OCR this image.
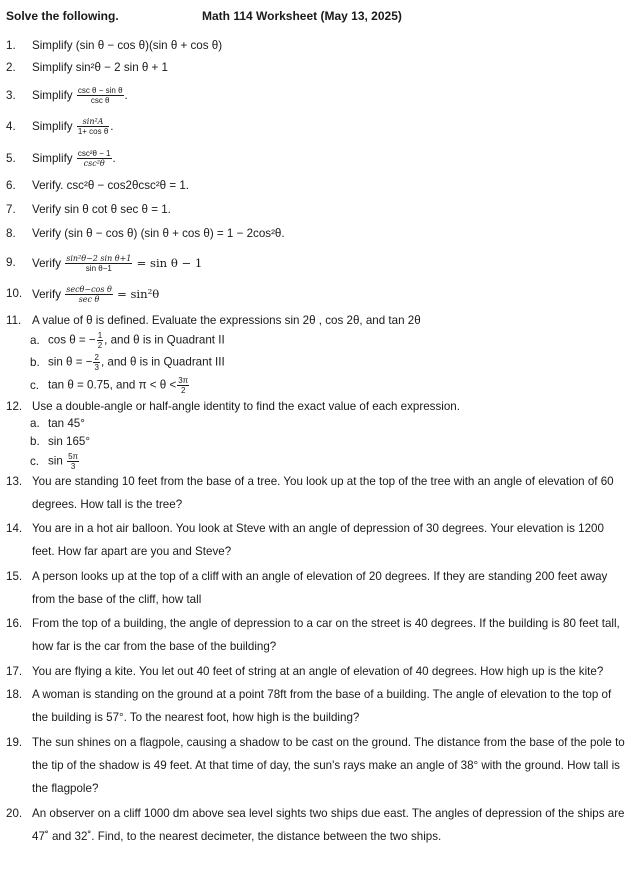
Solve the following.	Math 114 Worksheet (May 13, 2025)
1.	Simplify (sin θ − cos θ)(sin θ + cos θ)
2.	Simplify sin²θ − 2 sin θ + 1
3.	Simplify $\frac{\text{csc θ − sin θ}}{\text{csc θ}}$ .
4.	Simplify $\frac{\text{sin²A}}{\text{1+ cos θ}}$ .
5.	Simplify $\frac{\text{csc²θ − 1}}{\text{csc²θ}}$ .
6.	Verify. csc²θ − cos2θcsc²θ = 1.
7.	Verify sin θ cot θ sec θ = 1.
8.	Verify (sin θ − cos θ) (sin θ + cos θ) = 1 − 2cos²θ.
9.	Verify $\frac{\text{sin²θ−2 sin θ+1}}{\text{sin θ−1}} = \sin \theta - 1$
10. Verify $\frac{\text{secθ−cos θ}}{\text{sec θ}} = \sin^2\theta$
11. A value of θ is defined. Evaluate the expressions sin 2θ , cos 2θ, and tan 2θ
a. cos θ = − $\frac{1}{2}$ , and θ is in Quadrant II
b. sin θ = − $\frac{2}{3}$ , and θ is in Quadrant III
c. tan θ = 0.75, and $\pi < \theta < \frac{3\pi}{2}$
12. Use a double-angle or half-angle identity to find the exact value of each expression.
a. tan 45°
b. sin 165°
c. $\sin \frac{5\pi}{3}$
13. You are standing 10 feet from the base of a tree. You look up at the top of the tree with an angle of elevation of 60 degrees. How tall is the tree?
14. You are in a hot air balloon. You look at Steve with an angle of depression of 30 degrees. Your elevation is 1200 feet. How far apart are you and Steve?
15. A person looks up at the top of a cliff with an angle of elevation of 20 degrees. If they are standing 200 feet away from the base of the cliff, how tall
16. From the top of a building, the angle of depression to a car on the street is 40 degrees. If the building is 80 feet tall, how far is the car from the base of the building?
17. You are flying a kite. You let out 40 feet of string at an angle of elevation of 40 degrees. How high up is the kite?
18. A woman is standing on the ground at a point 78ft from the base of a building. The angle of elevation to the top of the building is 57°. To the nearest foot, how high is the building?
19. The sun shines on a flagpole, causing a shadow to be cast on the ground. The distance from the base of the pole to the tip of the shadow is 49 feet. At that time of day, the sun's rays make an angle of 38° with the ground. How tall is the flagpole?
20. An observer on a cliff 1000 dm above sea level sights two ships due east. The angles of depression of the ships are 47˚ and 32˚. Find, to the nearest decimeter, the distance between the two ships.
